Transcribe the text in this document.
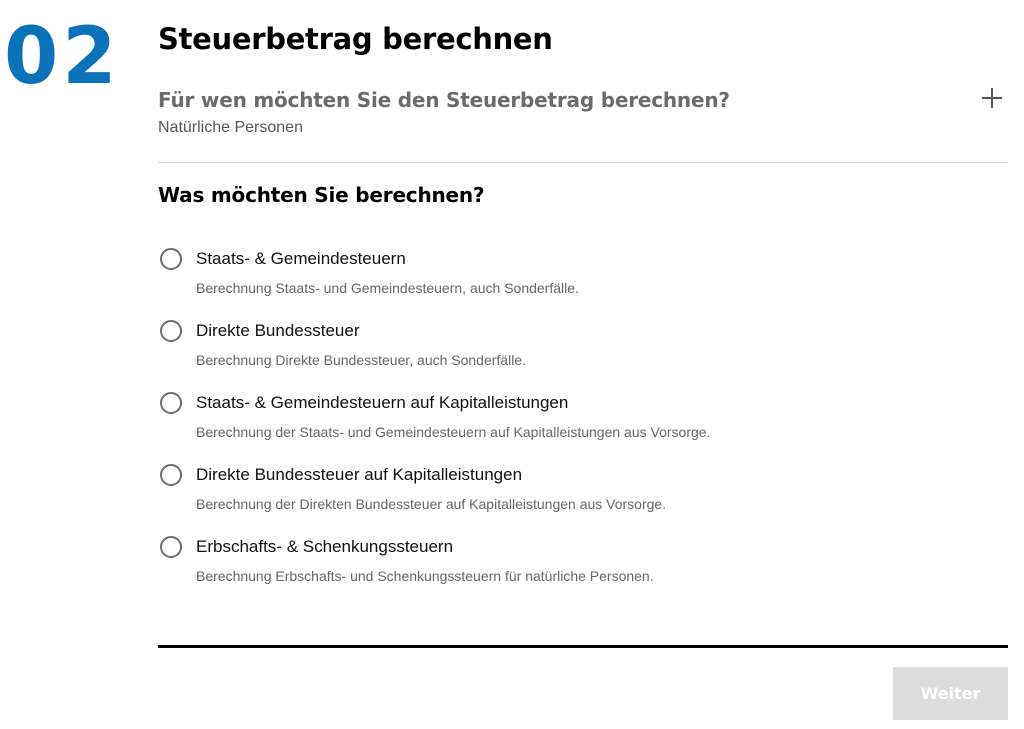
02 Steuerbetrag berechnen
Für wen möchten Sie den Steuerbetrag berechnen?
Natürliche Personen
Was möchten Sie berechnen?
Staats- & Gemeindesteuern
Berechnung Staats- und Gemeindesteuern, auch Sonderfälle.
Direkte Bundessteuer
Berechnung Direkte Bundessteuer, auch Sonderfälle.
Staats- & Gemeindesteuern auf Kapitalleistungen
Berechnung der Staats- und Gemeindesteuern auf Kapitalleistungen aus Vorsorge.
Direkte Bundessteuer auf Kapitalleistungen
Berechnung der Direkten Bundessteuer auf Kapitalleistungen aus Vorsorge.
Erbschafts- & Schenkungssteuern
Berechnung Erbschafts- und Schenkungssteuern für natürliche Personen.
Weiter
